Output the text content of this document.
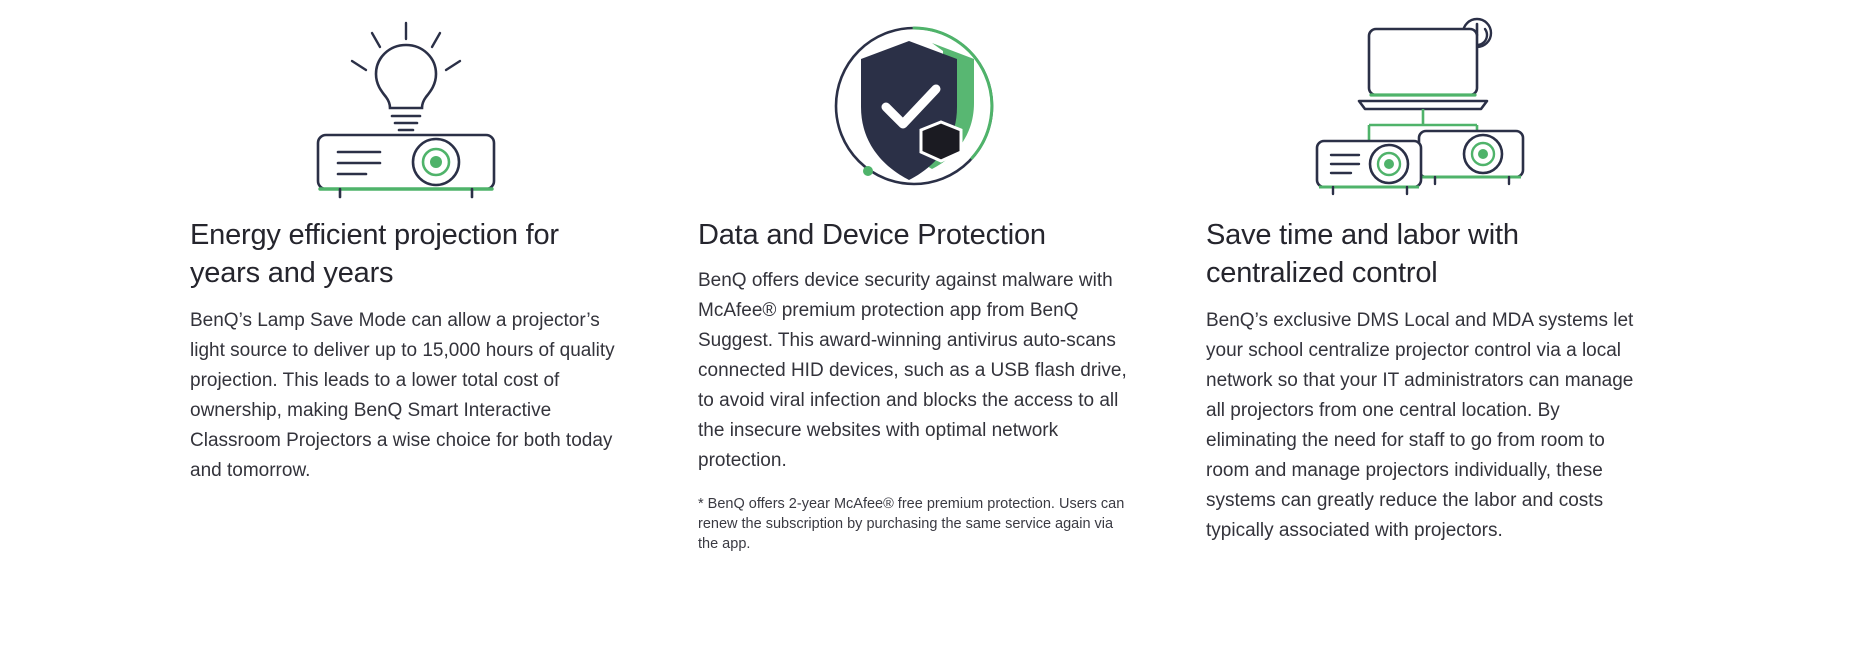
Energy efficient projection for years and years

BenQ’s Lamp Save Mode can allow a projector’s light source to deliver up to 15,000 hours of quality projection. This leads to a lower total cost of ownership, making BenQ Smart Interactive Classroom Projectors a wise choice for both today and tomorrow.

Data and Device Protection

BenQ offers device security against malware with McAfee® premium protection app from BenQ Suggest. This award-winning antivirus auto-scans connected HID devices, such as a USB flash drive, to avoid viral infection and blocks the access to all the insecure websites with optimal network protection.

* BenQ offers 2-year McAfee® free premium protection. Users can renew the subscription by purchasing the same service again via the app.

Save time and labor with centralized control

BenQ’s exclusive DMS Local and MDA systems let your school centralize projector control via a local network so that your IT administrators can manage all projectors from one central location. By eliminating the need for staff to go from room to room and manage projectors individually, these systems can greatly reduce the labor and costs typically associated with projectors.
